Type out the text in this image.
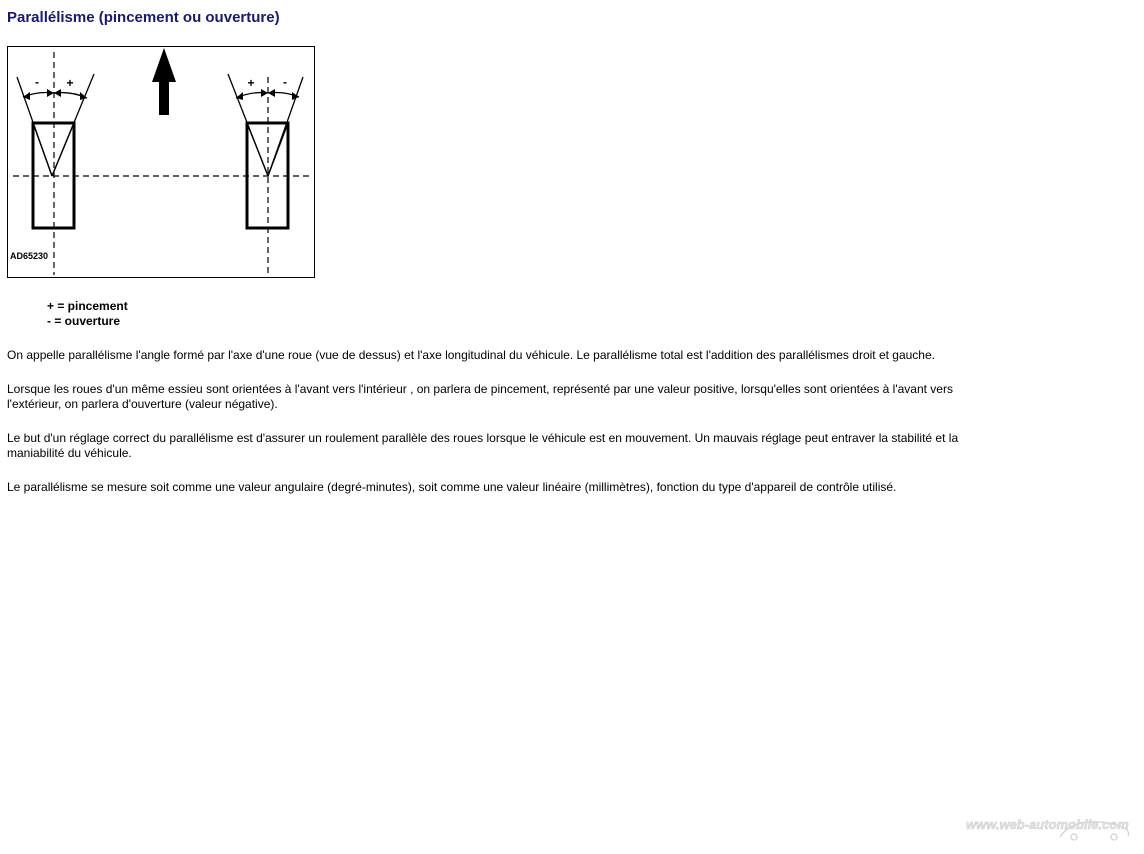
Parallélisme (pincement ou ouverture)
- +	+ -
AD65230
+ = pincement
- = ouverture

On appelle parallélisme l'angle formé par l'axe d'une roue (vue de dessus) et l'axe longitudinal du véhicule. Le parallélisme total est l'addition des parallélismes droit et gauche.

Lorsque les roues d'un même essieu sont orientées à l'avant vers l'intérieur , on parlera de pincement, représenté par une valeur positive, lorsqu'elles sont orientées à l'avant vers l'extérieur, on parlera d'ouverture (valeur négative).

Le but d'un réglage correct du parallélisme est d'assurer un roulement parallèle des roues lorsque le véhicule est en mouvement. Un mauvais réglage peut entraver la stabilité et la maniabilité du véhicule.

Le parallélisme se mesure soit comme une valeur angulaire (degré-minutes), soit comme une valeur linéaire (millimètres), fonction du type d'appareil de contrôle utilisé.

www.web-automobile.com
